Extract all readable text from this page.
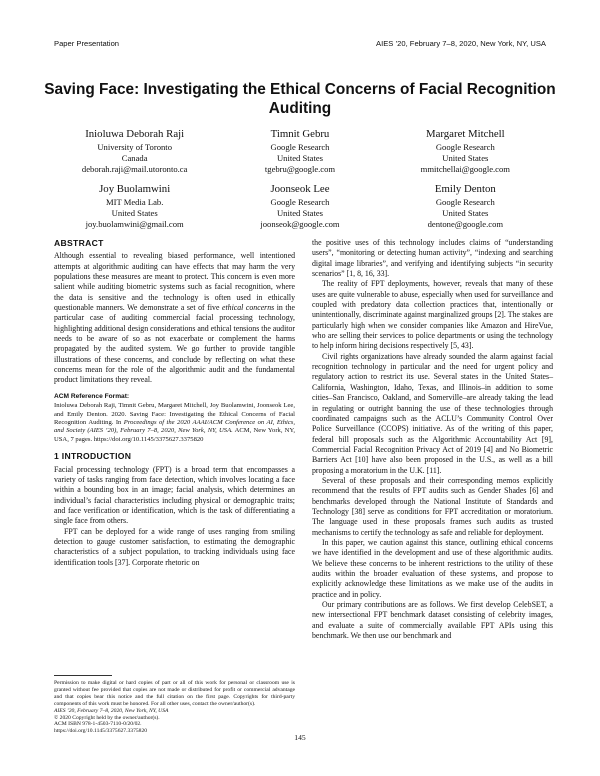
Paper Presentation	AIES ’20, February 7–8, 2020, New York, NY, USA
Saving Face: Investigating the Ethical Concerns of Facial Recognition Auditing
Inioluwa Deborah Raji
University of Toronto
Canada
deborah.raji@mail.utoronto.ca
Timnit Gebru
Google Research
United States
tgebru@google.com
Margaret Mitchell
Google Research
United States
mmitchellai@google.com
Joy Buolamwini
MIT Media Lab.
United States
joy.buolamwini@gmail.com
Joonseok Lee
Google Research
United States
joonseok@google.com
Emily Denton
Google Research
United States
dentone@google.com
ABSTRACT

Although essential to revealing biased performance, well intentioned attempts at algorithmic auditing can have effects that may harm the very populations these measures are meant to protect. This concern is even more salient while auditing biometric systems such as facial recognition, where the data is sensitive and the technology is often used in ethically questionable manners. We demonstrate a set of five ethical concerns in the particular case of auditing commercial facial processing technology, highlighting additional design considerations and ethical tensions the auditor needs to be aware of so as not exacerbate or complement the harms propagated by the audited system. We go further to provide tangible illustrations of these concerns, and conclude by reflecting on what these concerns mean for the role of the algorithmic audit and the fundamental product limitations they reveal.

ACM Reference Format:

Inioluwa Deborah Raji, Timnit Gebru, Margaret Mitchell, Joy Buolamwini, Joonseok Lee, and Emily Denton. 2020. Saving Face: Investigating the Ethical Concerns of Facial Recognition Auditing. In Proceedings of the 2020 AAAI/ACM Conference on AI, Ethics, and Society (AIES ’20), February 7–8, 2020, New York, NY, USA. ACM, New York, NY, USA, 7 pages. https://doi.org/10.1145/3375627.3375820

1 INTRODUCTION

Facial processing technology (FPT) is a broad term that encompasses a variety of tasks ranging from face detection, which involves locating a face within a bounding box in an image; facial analysis, which determines an individual’s facial characteristics including physical or demographic traits; and face verification or identification, which is the task of differentiating a single face from others.

FPT can be deployed for a wide range of uses ranging from smiling detection to gauge customer satisfaction, to estimating the demographic characteristics of a subject population, to tracking individuals using face identification tools [37]. Corporate rhetoric on

the positive uses of this technology includes claims of “understanding users”, “monitoring or detecting human activity”, “indexing and searching digital image libraries”, and verifying and identifying subjects “in security scenarios” [1, 8, 16, 33].

The reality of FPT deployments, however, reveals that many of these uses are quite vulnerable to abuse, especially when used for surveillance and coupled with predatory data collection practices that, intentionally or unintentionally, discriminate against marginalized groups [2]. The stakes are particularly high when we consider companies like Amazon and HireVue, who are selling their services to police departments or using the technology to help inform hiring decisions respectively [5, 43].

Civil rights organizations have already sounded the alarm against facial recognition technology in particular and the need for urgent policy and regulatory action to restrict its use. Several states in the United States–California, Washington, Idaho, Texas, and Illinois–in addition to some cities–San Francisco, Oakland, and Somerville–are already taking the lead in regulating or outright banning the use of these technologies through coordinated campaigns such as the ACLU’s Community Control Over Police Surveillance (CCOPS) initiative. As of the writing of this paper, federal bill proposals such as the Algorithmic Accountability Act [9], Commercial Facial Recognition Privacy Act of 2019 [4] and No Biometric Barriers Act [10] have also been proposed in the U.S., as well as a bill proposing a moratorium in the U.K. [11].

Several of these proposals and their corresponding memos explicitly recommend that the results of FPT audits such as Gender Shades [6] and benchmarks developed through the National Institute of Standards and Technology [38] serve as conditions for FPT accreditation or moratorium. The language used in these proposals frames such audits as trusted mechanisms to certify the technology as safe and reliable for deployment.

In this paper, we caution against this stance, outlining ethical concerns we have identified in the development and use of these algorithmic audits. We believe these concerns to be inherent restrictions to the utility of these audits within the broader evaluation of these systems, and propose to explicitly acknowledge these limitations as we make use of the audits in practice and in policy.

Our primary contributions are as follows. We first develop CelebSET, a new intersectional FPT benchmark dataset consisting of celebrity images, and evaluate a suite of commercially available FPT APIs using this benchmark. We then use our benchmark and

Permission to make digital or hard copies of part or all of this work for personal or classroom use is granted without fee provided that copies are not made or distributed for profit or commercial advantage and that copies bear this notice and the full citation on the first page. Copyrights for third-party components of this work must be honored. For all other uses, contact the owner/author(s).

AIES ’20, February 7–8, 2020, New York, NY, USA

© 2020 Copyright held by the owner/author(s).

ACM ISBN 978-1-4503-7110-0/20/02.

https://doi.org/10.1145/3375627.3375820

145
